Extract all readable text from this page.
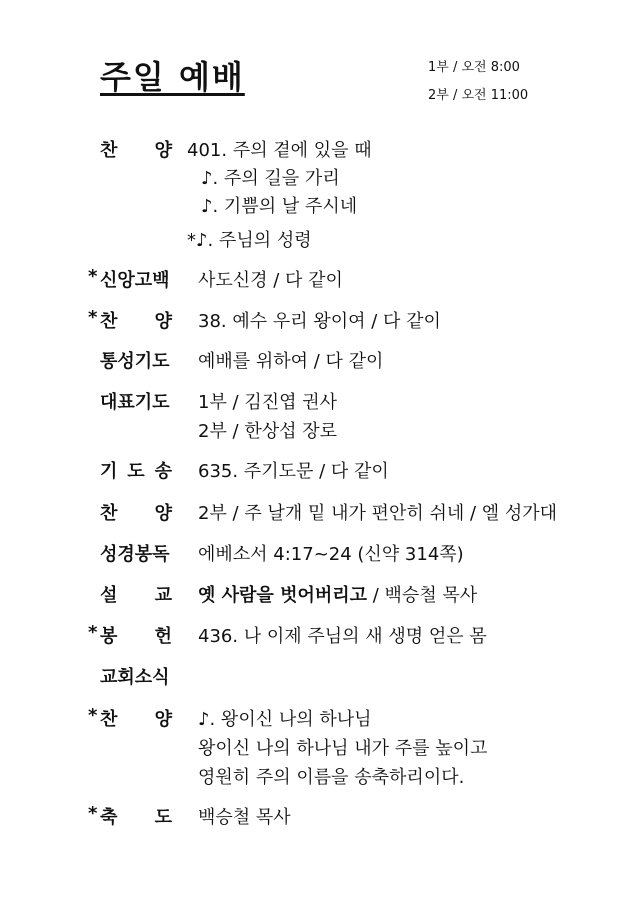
주일 예배	1부 / 오전 8:00
2부 / 오전 11:00
찬 양 401. 주의 곁에 있을 때
♪. 주의 길을 가리
♪. 기쁨의 날 주시네
*♪. 주님의 성령
* 신앙고백 사도신경 / 다 같이
* 찬 양 38. 예수 우리 왕이여 / 다 같이
통성기도 예배를 위하여 / 다 같이
대표기도 1부 / 김진엽 권사
2부 / 한상섭 장로
기 도 송 635. 주기도문 / 다 같이
찬 양 2부 / 주 날개 밑 내가 편안히 쉬네 / 엘 성가대
성경봉독 에베소서 4:17~24 (신약 314쪽)
설 교 옛 사람을 벗어버리고 / 백승철 목사
* 봉 헌 436. 나 이제 주님의 새 생명 얻은 몸
교회소식
* 찬 양 ♪. 왕이신 나의 하나님
왕이신 나의 하나님 내가 주를 높이고
영원히 주의 이름을 송축하리이다.
* 축 도 백승철 목사
